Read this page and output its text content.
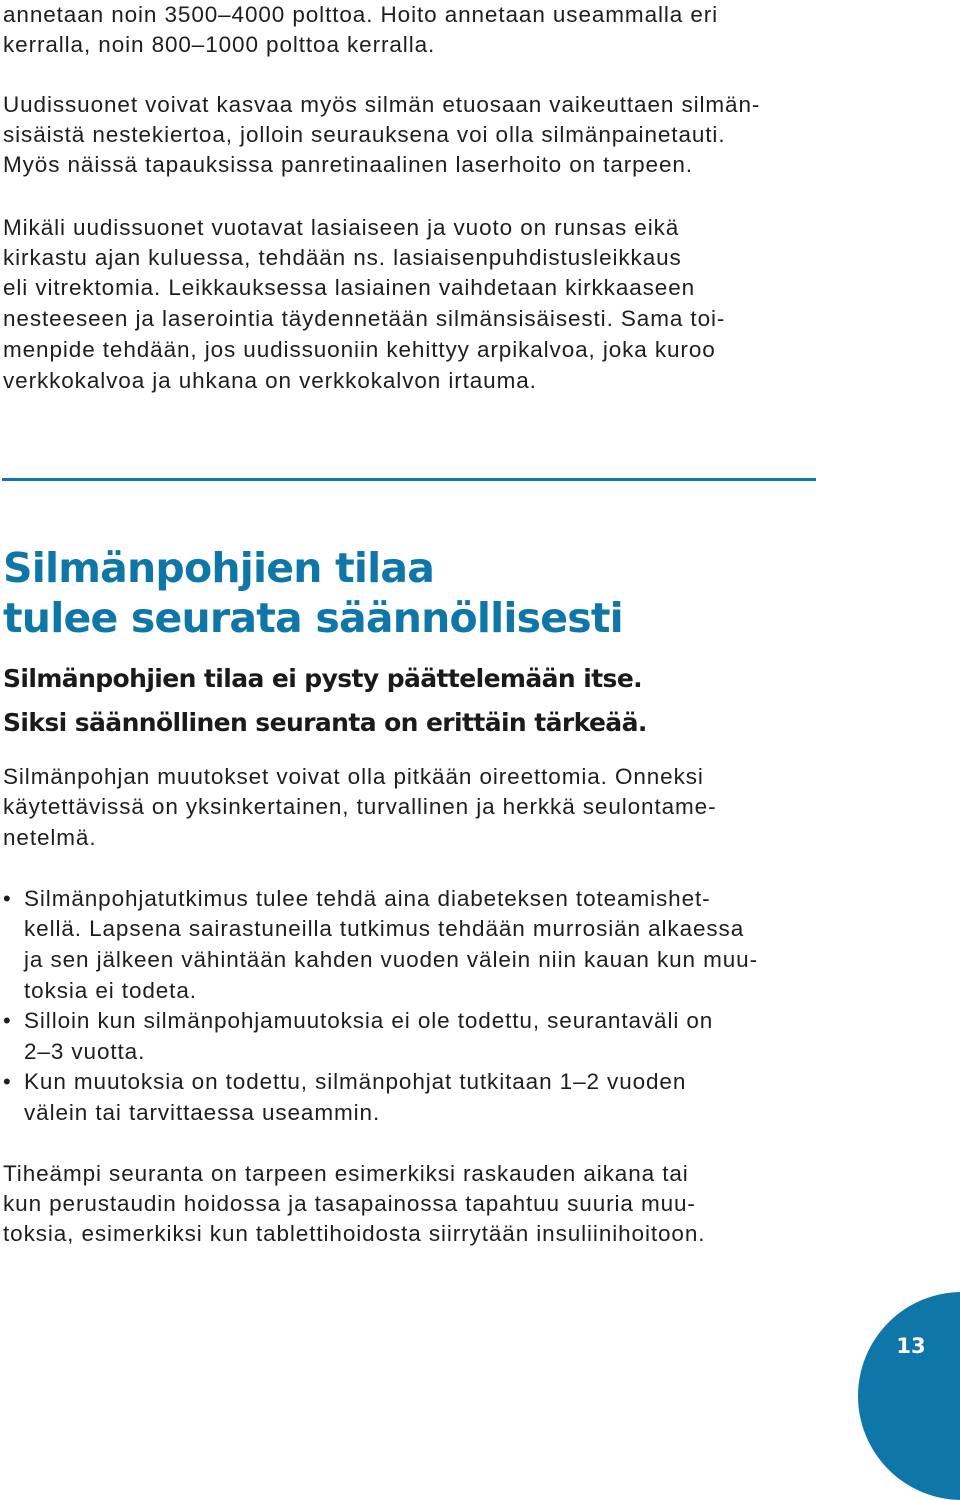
annetaan noin 3500–4000 polttoa. Hoito annetaan useammalla eri
kerralla, noin 800–1000 polttoa kerralla.
Uudissuonet voivat kasvaa myös silmän etuosaan vaikeuttaen silmän-
sisäistä nestekiertoa, jolloin seurauksena voi olla silmänpainetauti.
Myös näissä tapauksissa panretinaalinen laserhoito on tarpeen.
Mikäli uudissuonet vuotavat lasiaiseen ja vuoto on runsas eikä
kirkastu ajan kuluessa, tehdään ns. lasiaisenpuhdistusleikkaus
eli vitrektomia. Leikkauksessa lasiainen vaihdetaan kirkkaaseen
nesteeseen ja laserointia täydennetään silmänsisäisesti. Sama toi-
menpide tehdään, jos uudissuoniin kehittyy arpikalvoa, joka kuroo
verkkokalvoa ja uhkana on verkkokalvon irtauma.
Silmänpohjien tilaa
tulee seurata säännöllisesti
Silmänpohjien tilaa ei pysty päättelemään itse.
Siksi säännöllinen seuranta on erittäin tärkeää.
Silmänpohjan muutokset voivat olla pitkään oireettomia. Onneksi
käytettävissä on yksinkertainen, turvallinen ja herkkä seulontame-
netelmä.
• Silmänpohjatutkimus tulee tehdä aina diabeteksen toteamishet-
kellä. Lapsena sairastuneilla tutkimus tehdään murrosiän alkaessa
ja sen jälkeen vähintään kahden vuoden välein niin kauan kun muu-
toksia ei todeta.
• Silloin kun silmänpohjamuutoksia ei ole todettu, seurantaväli on
2–3 vuotta.
• Kun muutoksia on todettu, silmänpohjat tutkitaan 1–2 vuoden
välein tai tarvittaessa useammin.
Tiheämpi seuranta on tarpeen esimerkiksi raskauden aikana tai
kun perustaudin hoidossa ja tasapainossa tapahtuu suuria muu-
toksia, esimerkiksi kun tablettihoidosta siirrytään insuliinihoitoon.
13
